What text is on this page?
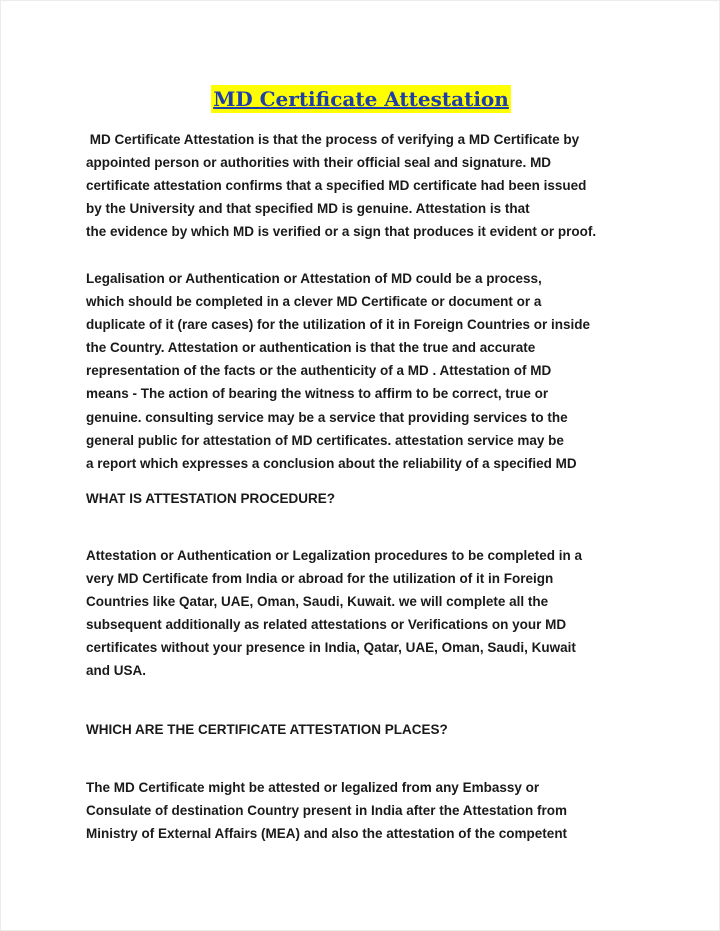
MD Certificate Attestation
MD Certificate Attestation is that the process of verifying a MD Certificate by
appointed person or authorities with their official seal and signature. MD
certificate attestation confirms that a specified MD certificate had been issued
by the University and that specified MD is genuine. Attestation is that
the evidence by which MD is verified or a sign that produces it evident or proof.
Legalisation or Authentication or Attestation of MD could be a process,
which should be completed in a clever MD Certificate or document or a
duplicate of it (rare cases) for the utilization of it in Foreign Countries or inside
the Country. Attestation or authentication is that the true and accurate
representation of the facts or the authenticity of a MD . Attestation of MD
means - The action of bearing the witness to affirm to be correct, true or
genuine. consulting service may be a service that providing services to the
general public for attestation of MD certificates. attestation service may be
a report which expresses a conclusion about the reliability of a specified MD
WHAT IS ATTESTATION PROCEDURE?
Attestation or Authentication or Legalization procedures to be completed in a
very MD Certificate from India or abroad for the utilization of it in Foreign
Countries like Qatar, UAE, Oman, Saudi, Kuwait. we will complete all the
subsequent additionally as related attestations or Verifications on your MD
certificates without your presence in India, Qatar, UAE, Oman, Saudi, Kuwait
and USA.
WHICH ARE THE CERTIFICATE ATTESTATION PLACES?
The MD Certificate might be attested or legalized from any Embassy or
Consulate of destination Country present in India after the Attestation from
Ministry of External Affairs (MEA) and also the attestation of the competent
